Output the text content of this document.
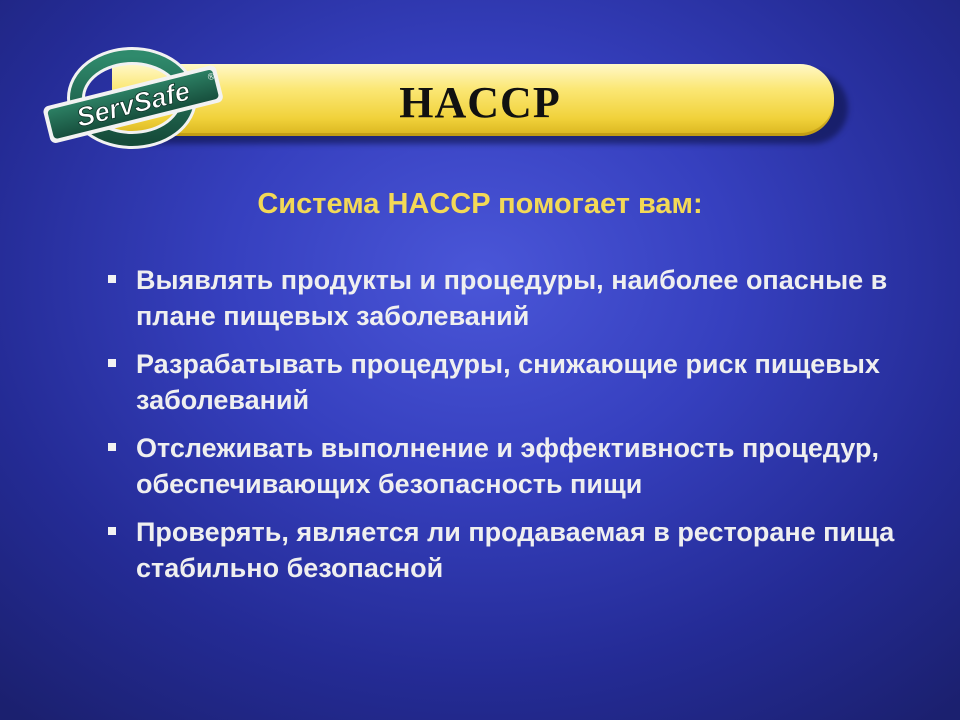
HACCP
ServSafe ®
Система HACCP помогает вам:
Выявлять продукты и процедуры, наиболее опасные в плане пищевых заболеваний
Разрабатывать процедуры, снижающие риск пищевых заболеваний
Отслеживать выполнение и эффективность процедур, обеспечивающих безопасность пищи
Проверять, является ли продаваемая в ресторане пища стабильно безопасной
